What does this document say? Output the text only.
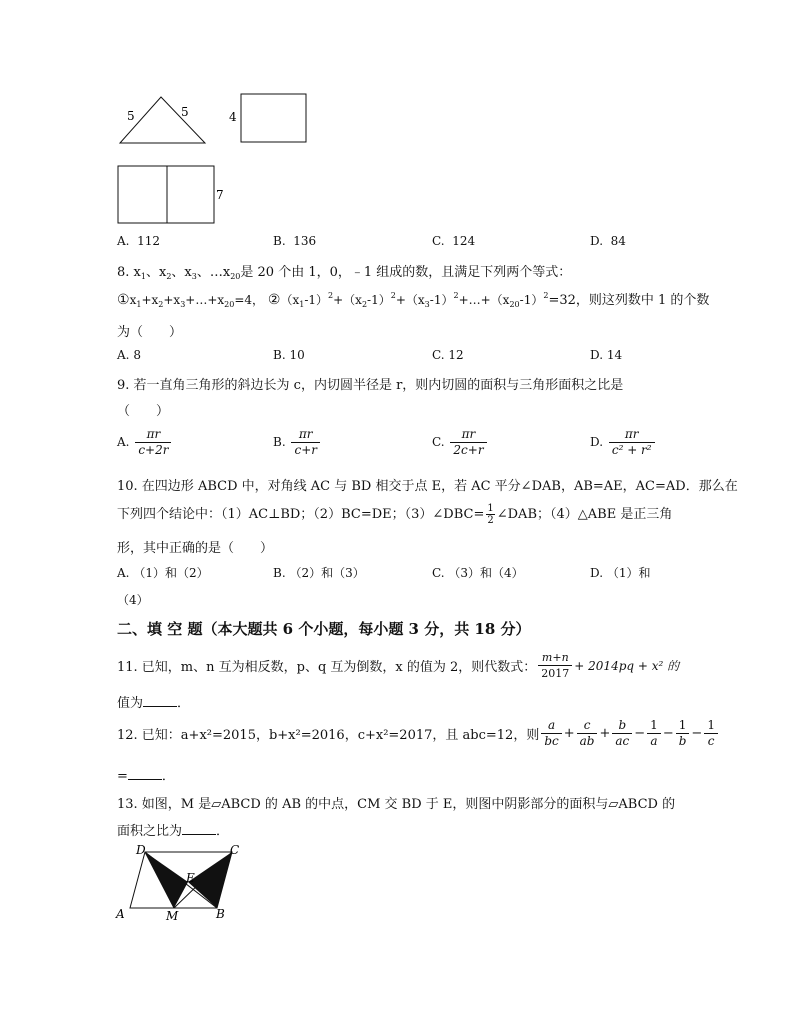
5	5	4
7
A. 112	B. 136	C. 124	D. 84
8. $x_1$、$x_2$、$x_3$、$\dots x_{20}$是 20 个由 1，0，﹣1 组成的数，且满足下列两个等式：
$①x_1+x_2+x_3+\dots+x_{20}=4$， $②(x_1-1)^2+(x_2-1)^2+(x_3-1)^2+\dots+(x_{20}-1)^2=32$，则这列数中 1 的个数
为（　　）
A. 8	B. 10	C. 12	D. 14
9. 若一直角三角形的斜边长为 c，内切圆半径是 r，则内切圆的面积与三角形面积之比是
（　　）
A. $\frac{\pi r}{c+2r}$	B. $\frac{\pi r}{c+r}$	C. $\frac{\pi r}{2c+r}$	D. $\frac{\pi r}{\text{c² + r²}}$
10. 在四边形 ABCD 中，对角线 AC 与 BD 相交于点 E，若 AC 平分∠DAB，AB=AE，AC=AD．那么在
下列四个结论中：（1）AC⊥BD；（2）BC=DE；（3）∠DBC= $\frac{1}{2}$ ∠DAB；（4）△ABE 是正三角
形，其中正确的是（　　）
A. （1）和（2）	B. （2）和（3）	C. （3）和（4）	D. （1）和
（4）
二、填 空 题（本大题共 6 个小题，每小题 3 分，共 18 分）
11. 已知，m、n 互为相反数，p、q 互为倒数，x 的值为 2，则代数式： $\frac{m+n}{2017} + 2014pq + x^2$ 的
值为	．
12. 已知：a+x²=2015，b+x²=2016，c+x²=2017，且 abc=12，则 $\frac{a}{bc} + \frac{c}{ab} + \frac{b}{ac} - \frac{1}{a} - \frac{1}{b} - \frac{1}{c}$
=	．
13. 如图，M 是▱ABCD 的 AB 的中点，CM 交 BD 于 E，则图中阴影部分的面积与▱ABCD 的
面积之比为	．
D	C
E
A	M	B
